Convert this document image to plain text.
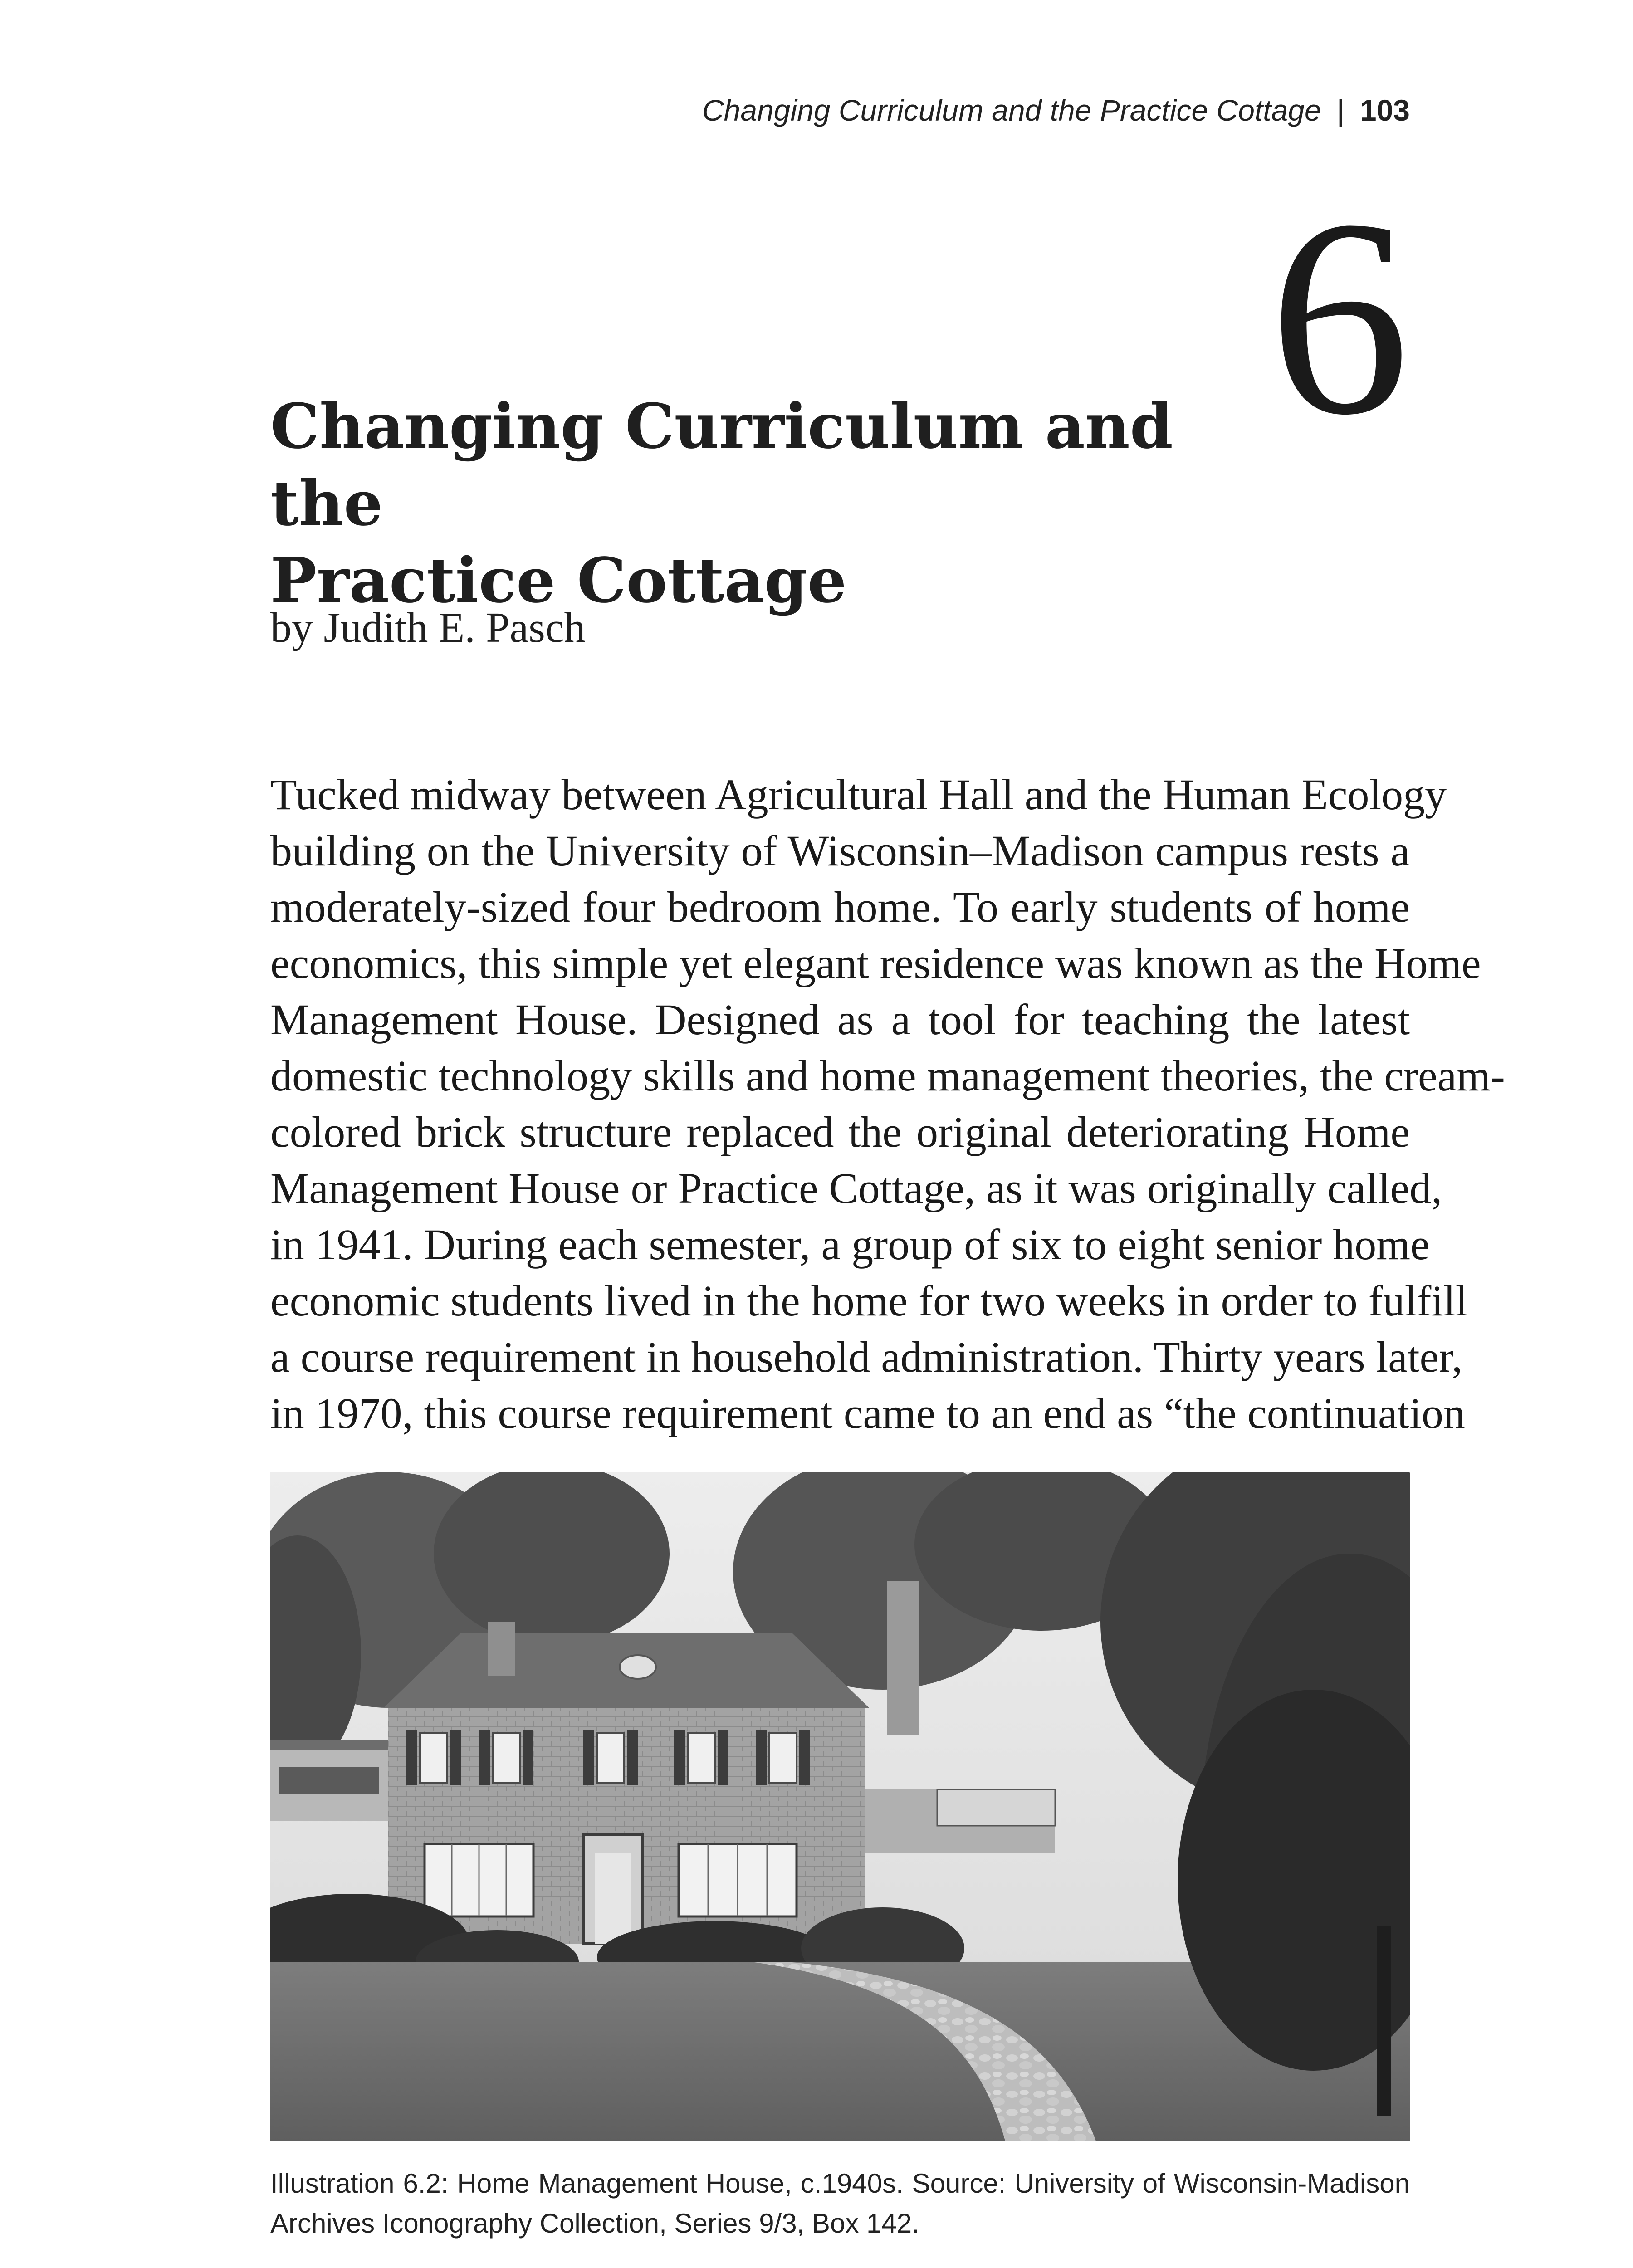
Changing Curriculum and the Practice Cottage | 103
6
Changing Curriculum and the
Practice Cottage
by Judith E. Pasch
Tucked midway between Agricultural Hall and the Human Ecology
building on the University of Wisconsin–Madison campus rests a
moderately-sized four bedroom home. To early students of home
economics, this simple yet elegant residence was known as the Home
Management House. Designed as a tool for teaching the latest
domestic technology skills and home management theories, the cream-
colored brick structure replaced the original deteriorating Home
Management House or Practice Cottage, as it was originally called,
in 1941. During each semester, a group of six to eight senior home
economic students lived in the home for two weeks in order to fulfill
a course requirement in household administration. Thirty years later,
in 1970, this course requirement came to an end as “the continuation
Illustration 6.2: Home Management House, c.1940s. Source: University of Wisconsin-Madison
Archives Iconography Collection, Series 9/3, Box 142.
